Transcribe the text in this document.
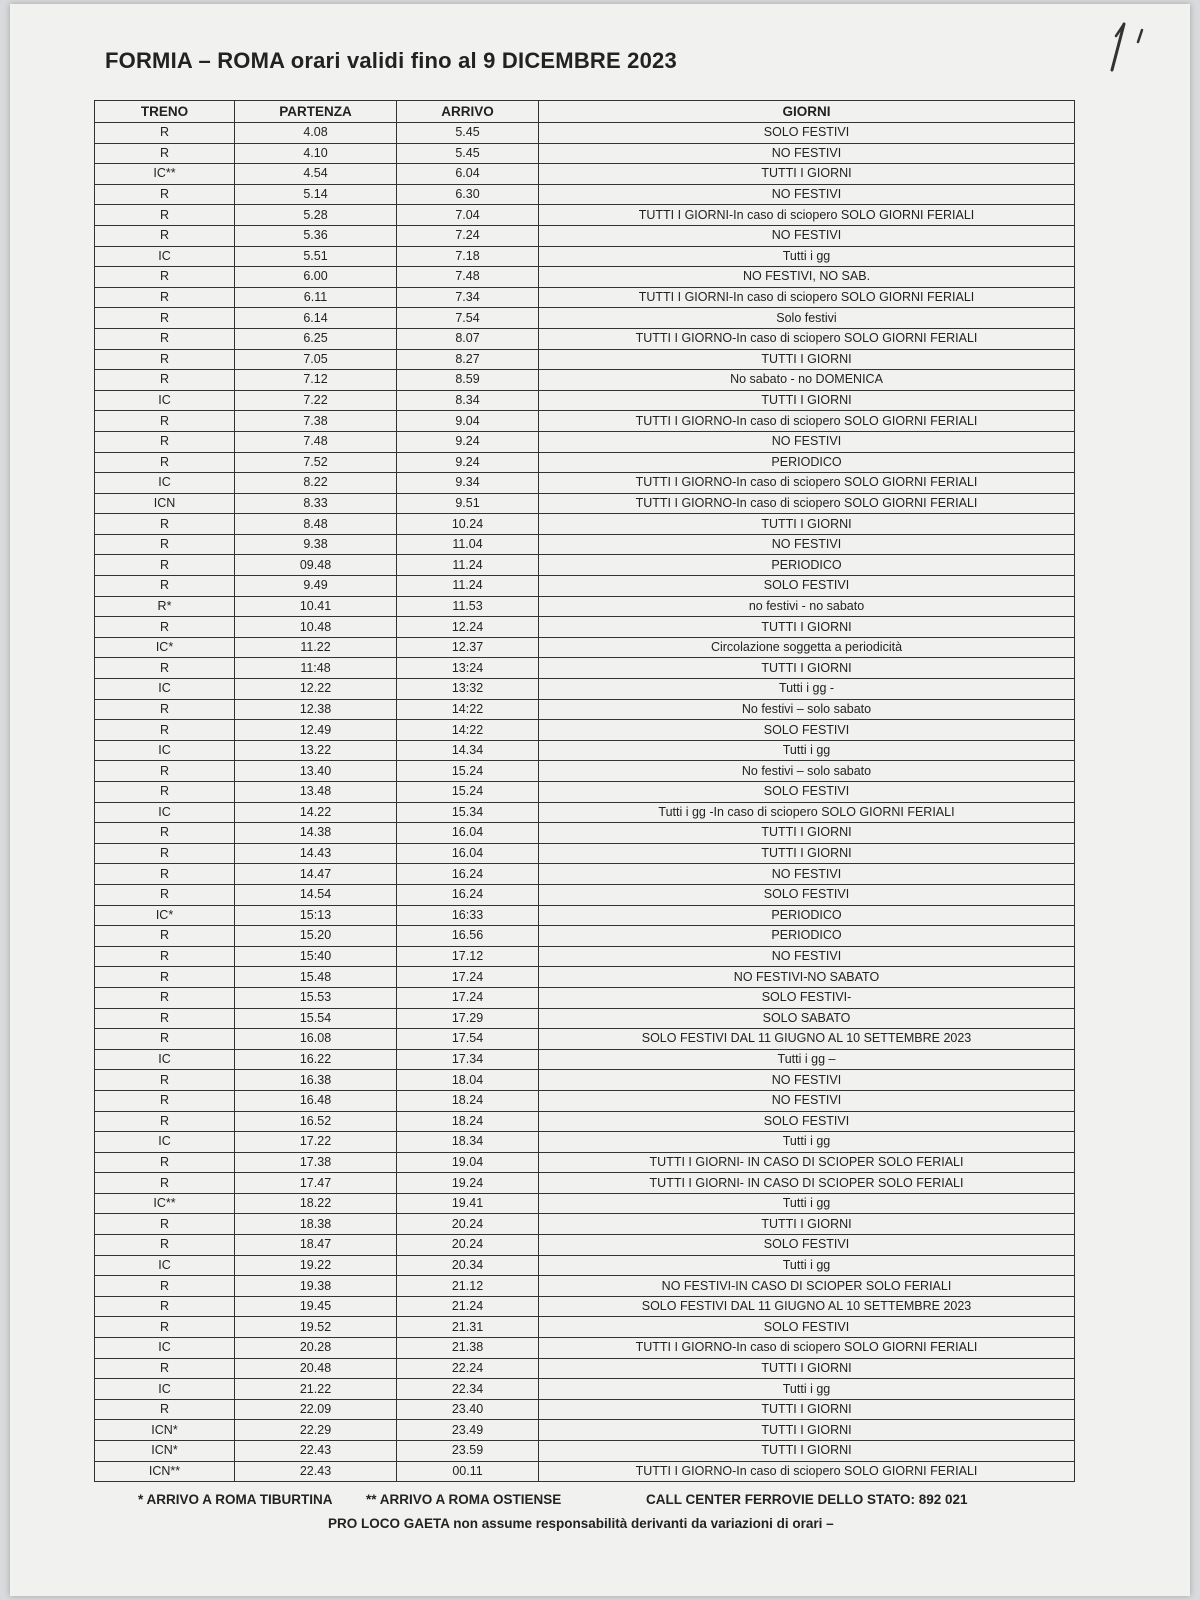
FORMIA – ROMA orari validi fino al 9 DICEMBRE 2023
TRENO	PARTENZA	ARRIVO	GIORNI
R	4.08	5.45	SOLO FESTIVI
R	4.10	5.45	NO FESTIVI
IC**	4.54	6.04	TUTTI I GIORNI
R	5.14	6.30	NO FESTIVI
R	5.28	7.04	TUTTI I GIORNI-In caso di sciopero SOLO GIORNI FERIALI
R	5.36	7.24	NO FESTIVI
IC	5.51	7.18	Tutti i gg
R	6.00	7.48	NO FESTIVI, NO SAB.
R	6.11	7.34	TUTTI I GIORNI-In caso di sciopero SOLO GIORNI FERIALI
R	6.14	7.54	Solo festivi
R	6.25	8.07	TUTTI I GIORNO-In caso di sciopero SOLO GIORNI FERIALI
R	7.05	8.27	TUTTI I GIORNI
R	7.12	8.59	No sabato - no DOMENICA
IC	7.22	8.34	TUTTI I GIORNI
R	7.38	9.04	TUTTI I GIORNO-In caso di sciopero SOLO GIORNI FERIALI
R	7.48	9.24	NO FESTIVI
R	7.52	9.24	PERIODICO
IC	8.22	9.34	TUTTI I GIORNO-In caso di sciopero SOLO GIORNI FERIALI
ICN	8.33	9.51	TUTTI I GIORNO-In caso di sciopero SOLO GIORNI FERIALI
R	8.48	10.24	TUTTI I GIORNI
R	9.38	11.04	NO FESTIVI
R	09.48	11.24	PERIODICO
R	9.49	11.24	SOLO FESTIVI
R*	10.41	11.53	no festivi - no sabato
R	10.48	12.24	TUTTI I GIORNI
IC*	11.22	12.37	Circolazione soggetta a periodicità
R	11:48	13:24	TUTTI I GIORNI
IC	12.22	13:32	Tutti i gg -
R	12.38	14:22	No festivi – solo sabato
R	12.49	14:22	SOLO FESTIVI
IC	13.22	14.34	Tutti i gg
R	13.40	15.24	No festivi – solo sabato
R	13.48	15.24	SOLO FESTIVI
IC	14.22	15.34	Tutti i gg -In caso di sciopero SOLO GIORNI FERIALI
R	14.38	16.04	TUTTI I GIORNI
R	14.43	16.04	TUTTI I GIORNI
R	14.47	16.24	NO FESTIVI
R	14.54	16.24	SOLO FESTIVI
IC*	15:13	16:33	PERIODICO
R	15.20	16.56	PERIODICO
R	15:40	17.12	NO FESTIVI
R	15.48	17.24	NO FESTIVI-NO SABATO
R	15.53	17.24	SOLO FESTIVI-
R	15.54	17.29	SOLO SABATO
R	16.08	17.54	SOLO FESTIVI DAL 11 GIUGNO AL 10 SETTEMBRE 2023
IC	16.22	17.34	Tutti i gg –
R	16.38	18.04	NO FESTIVI
R	16.48	18.24	NO FESTIVI
R	16.52	18.24	SOLO FESTIVI
IC	17.22	18.34	Tutti i gg
R	17.38	19.04	TUTTI I GIORNI- IN CASO DI SCIOPER SOLO FERIALI
R	17.47	19.24	TUTTI I GIORNI- IN CASO DI SCIOPER SOLO FERIALI
IC**	18.22	19.41	Tutti i gg
R	18.38	20.24	TUTTI I GIORNI
R	18.47	20.24	SOLO FESTIVI
IC	19.22	20.34	Tutti i gg
R	19.38	21.12	NO FESTIVI-IN CASO DI SCIOPER SOLO FERIALI
R	19.45	21.24	SOLO FESTIVI DAL 11 GIUGNO AL 10 SETTEMBRE 2023
R	19.52	21.31	SOLO FESTIVI
IC	20.28	21.38	TUTTI I GIORNO-In caso di sciopero SOLO GIORNI FERIALI
R	20.48	22.24	TUTTI I GIORNI
IC	21.22	22.34	Tutti i gg
R	22.09	23.40	TUTTI I GIORNI
ICN*	22.29	23.49	TUTTI I GIORNI
ICN*	22.43	23.59	TUTTI I GIORNI
ICN**	22.43	00.11	TUTTI I GIORNO-In caso di sciopero SOLO GIORNI FERIALI
* ARRIVO A ROMA TIBURTINA ** ARRIVO A ROMA OSTIENSE	CALL CENTER FERROVIE DELLO STATO: 892 021
PRO LOCO GAETA non assume responsabilità derivanti da variazioni di orari –
